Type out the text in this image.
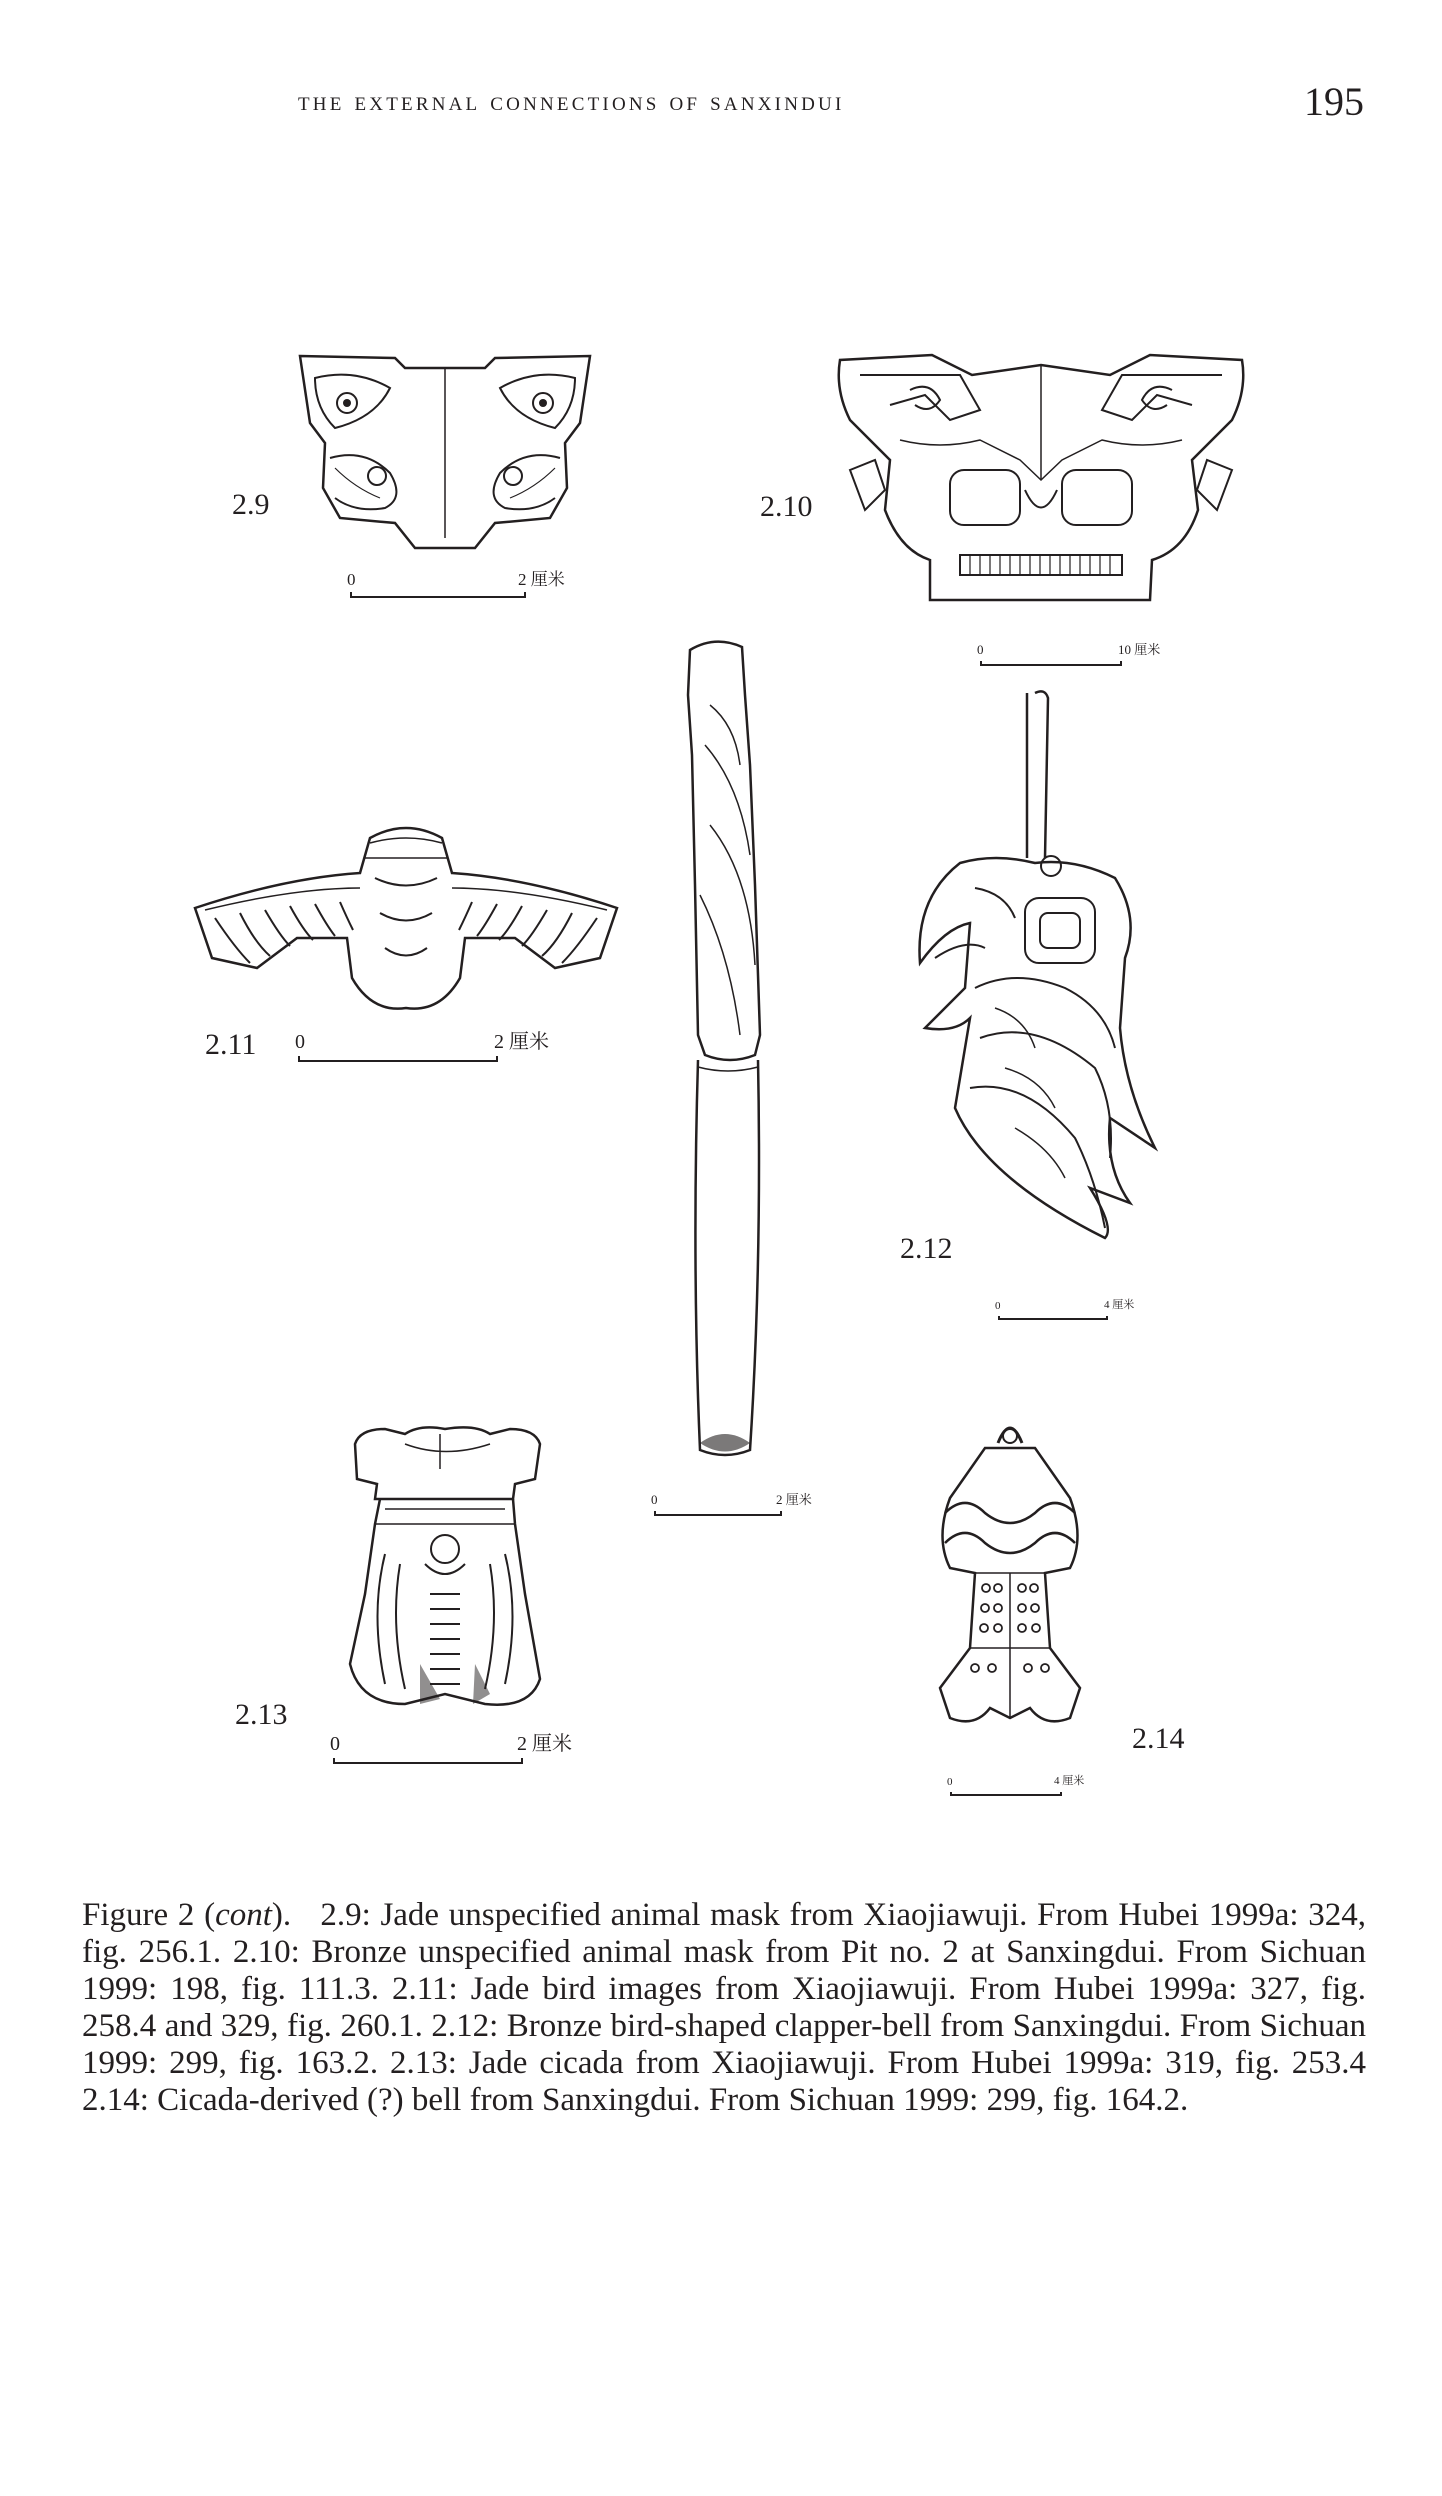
the external connections of sanxindui	195
2.9
0	2 厘米
2.10
0	10 厘米
2.11 0	2 厘米
0	2 厘米
2.12
0	4 厘米
2.13
0	2 厘米	2.14
0	4 厘米
Figure 2 (cont). 2.9: Jade unspecified animal mask from Xiaojiawuji. From Hubei 1999a: 324, fig. 256.1. 2.10: Bronze unspecified animal mask from Pit no. 2 at Sanxingdui. From Sichuan 1999: 198, fig. 111.3. 2.11: Jade bird images from Xiaojiawuji. From Hubei 1999a: 327, fig. 258.4 and 329, fig. 260.1. 2.12: Bronze bird-shaped clapper-bell from Sanxingdui. From Sichuan 1999: 299, fig. 163.2. 2.13: Jade cicada from Xiaojiawuji. From Hubei 1999a: 319, fig. 253.4 2.14: Cicada-derived (?) bell from Sanxingdui. From Sichuan 1999: 299, fig. 164.2.
